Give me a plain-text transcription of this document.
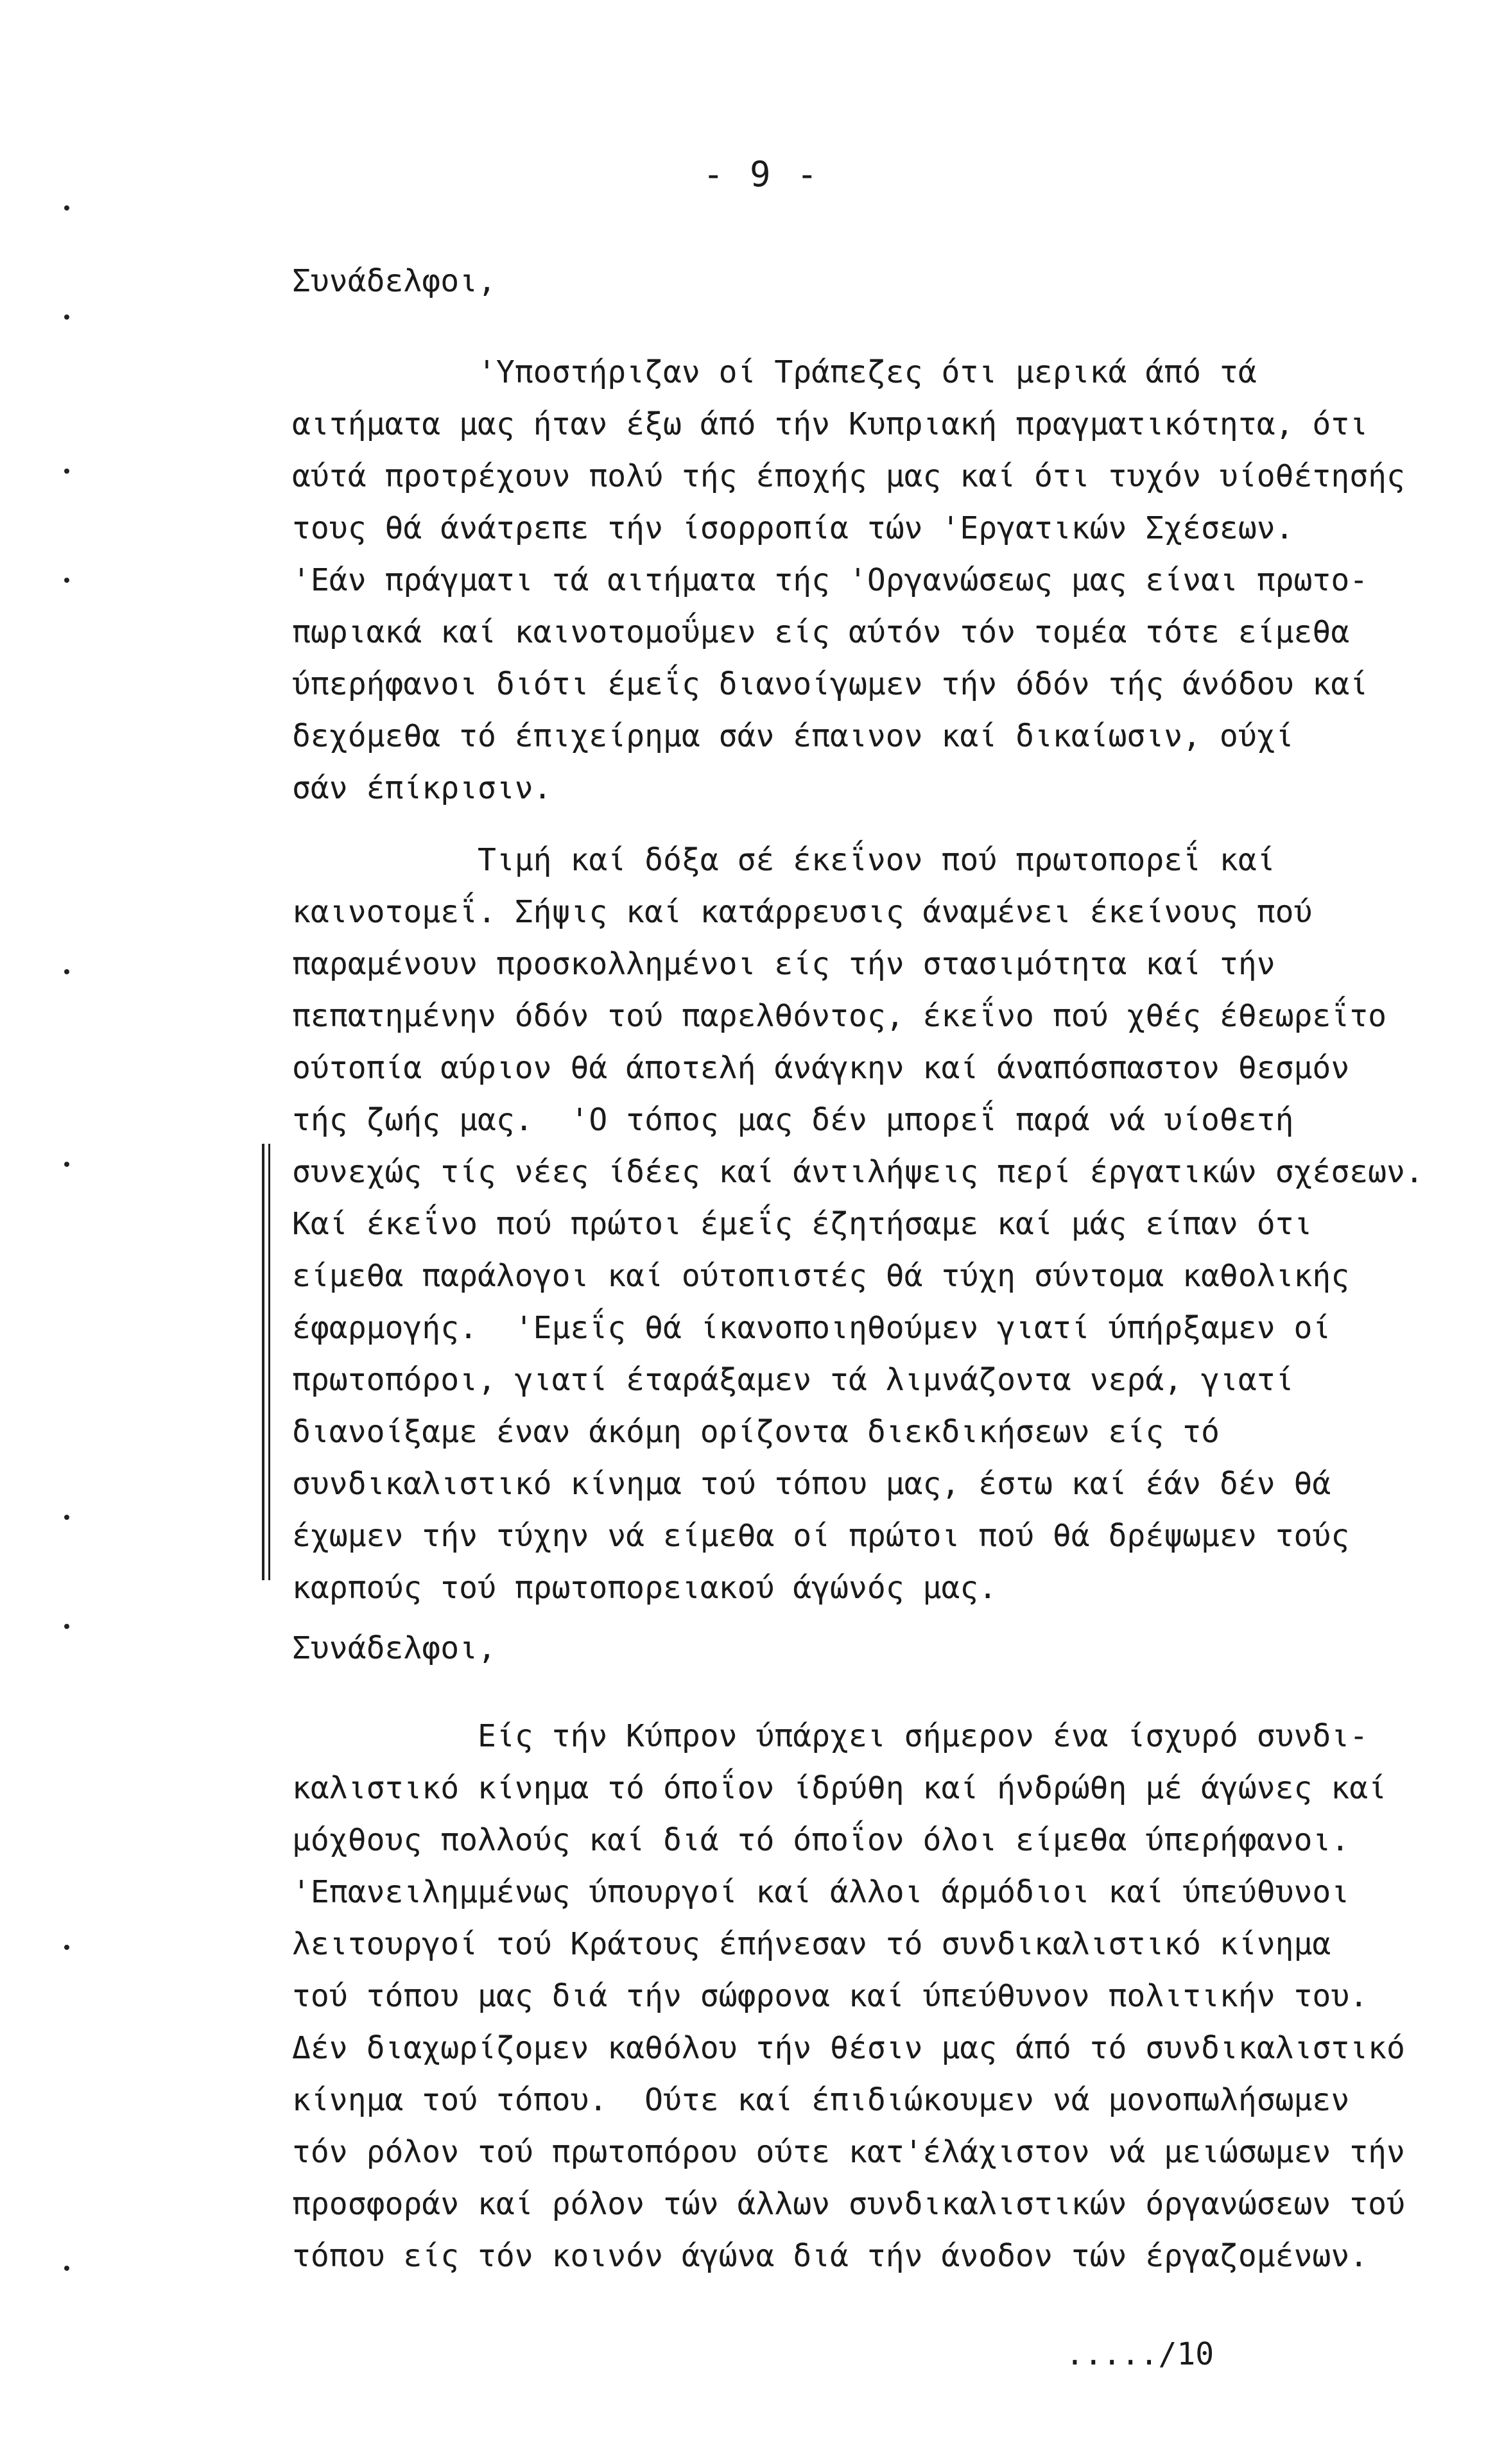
- 9 -
Συνάδελφοι,
'Υποστήριζαν οί Τράπεζες ότι μερικά άπό τά
αιτήματα μας ήταν έξω άπό τήν Κυπριακή πραγματικότητα, ότι
αύτά προτρέχουν πολύ τής έποχής μας καί ότι τυχόν υίοθέτησής
τους θά άνάτρεπε τήν ίσορροπία τών 'Εργατικών Σχέσεων.
'Εάν πράγματι τά αιτήματα τής 'Οργανώσεως μας είναι πρωτο-
πωριακά καί καινοτομοΰμεν είς αύτόν τόν τομέα τότε είμεθα
ύπερήφανοι διότι έμεΐς διανοίγωμεν τήν όδόν τής άνόδου καί
δεχόμεθα τό έπιχείρημα σάν έπαινον καί δικαίωσιν, ούχί
σάν έπίκρισιν.
Τιμή καί δόξα σέ έκεΐνον πού πρωτοπορεΐ καί
καινοτομεΐ. Σήψις καί κατάρρευσις άναμένει έκείνους πού
παραμένουν προσκολλημένοι είς τήν στασιμότητα καί τήν
πεπατημένην όδόν τού παρελθόντος, έκεΐνο πού χθές έθεωρεΐτο
ούτοπία αύριον θά άποτελή άνάγκην καί άναπόσπαστον θεσμόν
τής ζωής μας.  'Ο τόπος μας δέν μπορεΐ παρά νά υίοθετή
συνεχώς τίς νέες ίδέες καί άντιλήψεις περί έργατικών σχέσεων.
Καί έκεΐνο πού πρώτοι έμεΐς έζητήσαμε καί μάς είπαν ότι
είμεθα παράλογοι καί ούτοπιστές θά τύχη σύντομα καθολικής
έφαρμογής.  'Εμεΐς θά ίκανοποιηθούμεν γιατί ύπήρξαμεν οί
πρωτοπόροι, γιατί έταράξαμεν τά λιμνάζοντα νερά, γιατί
διανοίξαμε έναν άκόμη ορίζοντα διεκδικήσεων είς τό
συνδικαλιστικό κίνημα τού τόπου μας, έστω καί έάν δέν θά
έχωμεν τήν τύχην νά είμεθα οί πρώτοι πού θά δρέψωμεν τούς
καρπούς τού πρωτοπορειακού άγώνός μας.
Συνάδελφοι,
Είς τήν Κύπρον ύπάρχει σήμερον ένα ίσχυρό συνδι-
καλιστικό κίνημα τό όποΐον ίδρύθη καί ήνδρώθη μέ άγώνες καί
μόχθους πολλούς καί διά τό όποΐον όλοι είμεθα ύπερήφανοι.
'Επανειλημμένως ύπουργοί καί άλλοι άρμόδιοι καί ύπεύθυνοι
λειτουργοί τού Κράτους έπήνεσαν τό συνδικαλιστικό κίνημα
τού τόπου μας διά τήν σώφρονα καί ύπεύθυνον πολιτικήν του.
Δέν διαχωρίζομεν καθόλου τήν θέσιν μας άπό τό συνδικαλιστικό
κίνημα τού τόπου.  Ούτε καί έπιδιώκουμεν νά μονοπωλήσωμεν
τόν ρόλον τού πρωτοπόρου ούτε κατ'έλάχιστον νά μειώσωμεν τήν
προσφοράν καί ρόλον τών άλλων συνδικαλιστικών όργανώσεων τού
τόπου είς τόν κοινόν άγώνα διά τήν άνοδον τών έργαζομένων.
...../10
